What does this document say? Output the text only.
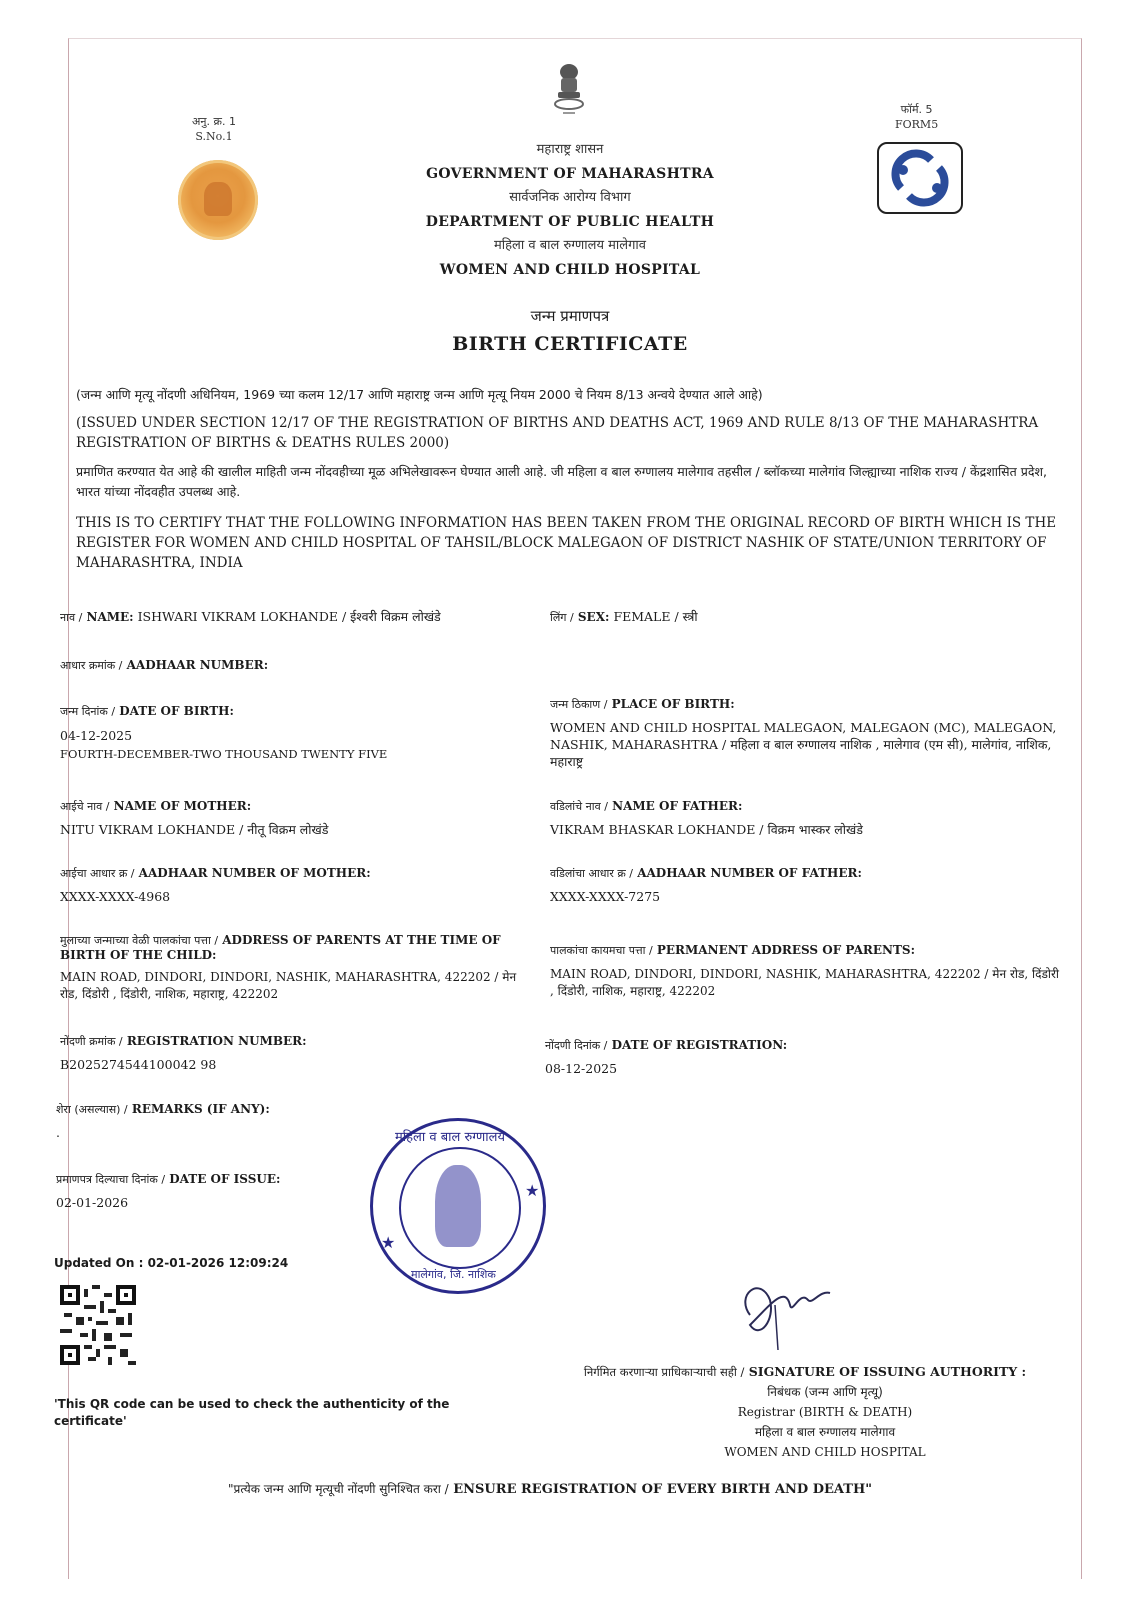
अनु. क्र. 1
S.No.1
फॉर्म. 5
FORM5
महाराष्ट्र शासन
GOVERNMENT OF MAHARASHTRA
सार्वजनिक आरोग्य विभाग
DEPARTMENT OF PUBLIC HEALTH
महिला व बाल रुग्णालय मालेगाव
WOMEN AND CHILD HOSPITAL
जन्म प्रमाणपत्र
BIRTH CERTIFICATE
(जन्म आणि मृत्यू नोंदणी अधिनियम, 1969 च्या कलम 12/17 आणि महाराष्ट्र जन्म आणि मृत्यू नियम 2000 चे नियम 8/13 अन्वये देण्यात आले आहे)
(ISSUED UNDER SECTION 12/17 OF THE REGISTRATION OF BIRTHS AND DEATHS ACT, 1969 AND RULE 8/13 OF THE MAHARASHTRA REGISTRATION OF BIRTHS & DEATHS RULES 2000)
प्रमाणित करण्यात येत आहे की खालील माहिती जन्म नोंदवहीच्या मूळ अभिलेखावरून घेण्यात आली आहे. जी महिला व बाल रुग्णालय मालेगाव तहसील / ब्लॉकच्या मालेगांव जिल्ह्याच्या नाशिक राज्य / केंद्रशासित प्रदेश, भारत यांच्या नोंदवहीत उपलब्ध आहे.
THIS IS TO CERTIFY THAT THE FOLLOWING INFORMATION HAS BEEN TAKEN FROM THE ORIGINAL RECORD OF BIRTH WHICH IS THE REGISTER FOR WOMEN AND CHILD HOSPITAL OF TAHSIL/BLOCK MALEGAON OF DISTRICT NASHIK OF STATE/UNION TERRITORY OF MAHARASHTRA, INDIA
नाव / NAME: ISHWARI VIKRAM LOKHANDE / ईश्वरी विक्रम लोखंडे	लिंग / SEX: FEMALE / स्त्री
आधार क्रमांक / AADHAAR NUMBER:
जन्म दिनांक / DATE OF BIRTH:
04-12-2025
FOURTH-DECEMBER-TWO THOUSAND TWENTY FIVE
जन्म ठिकाण / PLACE OF BIRTH:
WOMEN AND CHILD HOSPITAL MALEGAON, MALEGAON (MC), MALEGAON, NASHIK, MAHARASHTRA / महिला व बाल रुग्णालय नाशिक , मालेगाव (एम सी), मालेगांव, नाशिक, महाराष्ट्र
आईचे नाव / NAME OF MOTHER:
NITU VIKRAM LOKHANDE / नीतू विक्रम लोखंडे
वडिलांचे नाव / NAME OF FATHER:
VIKRAM BHASKAR LOKHANDE / विक्रम भास्कर लोखंडे
आईचा आधार क्र / AADHAAR NUMBER OF MOTHER:
XXXX-XXXX-4968
वडिलांचा आधार क्र / AADHAAR NUMBER OF FATHER:
XXXX-XXXX-7275
मुलाच्या जन्माच्या वेळी पालकांचा पत्ता / ADDRESS OF PARENTS AT THE TIME OF BIRTH OF THE CHILD:
MAIN ROAD, DINDORI, DINDORI, NASHIK, MAHARASHTRA, 422202 / मेन रोड, दिंडोरी , दिंडोरी, नाशिक, महाराष्ट्र, 422202
पालकांचा कायमचा पत्ता / PERMANENT ADDRESS OF PARENTS:
MAIN ROAD, DINDORI, DINDORI, NASHIK, MAHARASHTRA, 422202 / मेन रोड, दिंडोरी , दिंडोरी, नाशिक, महाराष्ट्र, 422202
नोंदणी क्रमांक / REGISTRATION NUMBER:
B2025274544100042 98
नोंदणी दिनांक / DATE OF REGISTRATION:
08-12-2025
शेरा (असल्यास) / REMARKS (IF ANY):
.
प्रमाणपत्र दिल्याचा दिनांक / DATE OF ISSUE:
02-01-2026
★
★
महिला व बाल रुग्णालय
मालेगांव, जि. नाशिक
Updated On : 02-01-2026 12:09:24
'This QR code can be used to check the authenticity of the certificate'
निर्गमित करणाऱ्या प्राधिकाऱ्याची सही / SIGNATURE OF ISSUING AUTHORITY :
निबंधक (जन्म आणि मृत्यू)
Registrar (BIRTH & DEATH)
महिला व बाल रुग्णालय मालेगाव
WOMEN AND CHILD HOSPITAL
"प्रत्येक जन्म आणि मृत्यूची नोंदणी सुनिश्चित करा / ENSURE REGISTRATION OF EVERY BIRTH AND DEATH"
